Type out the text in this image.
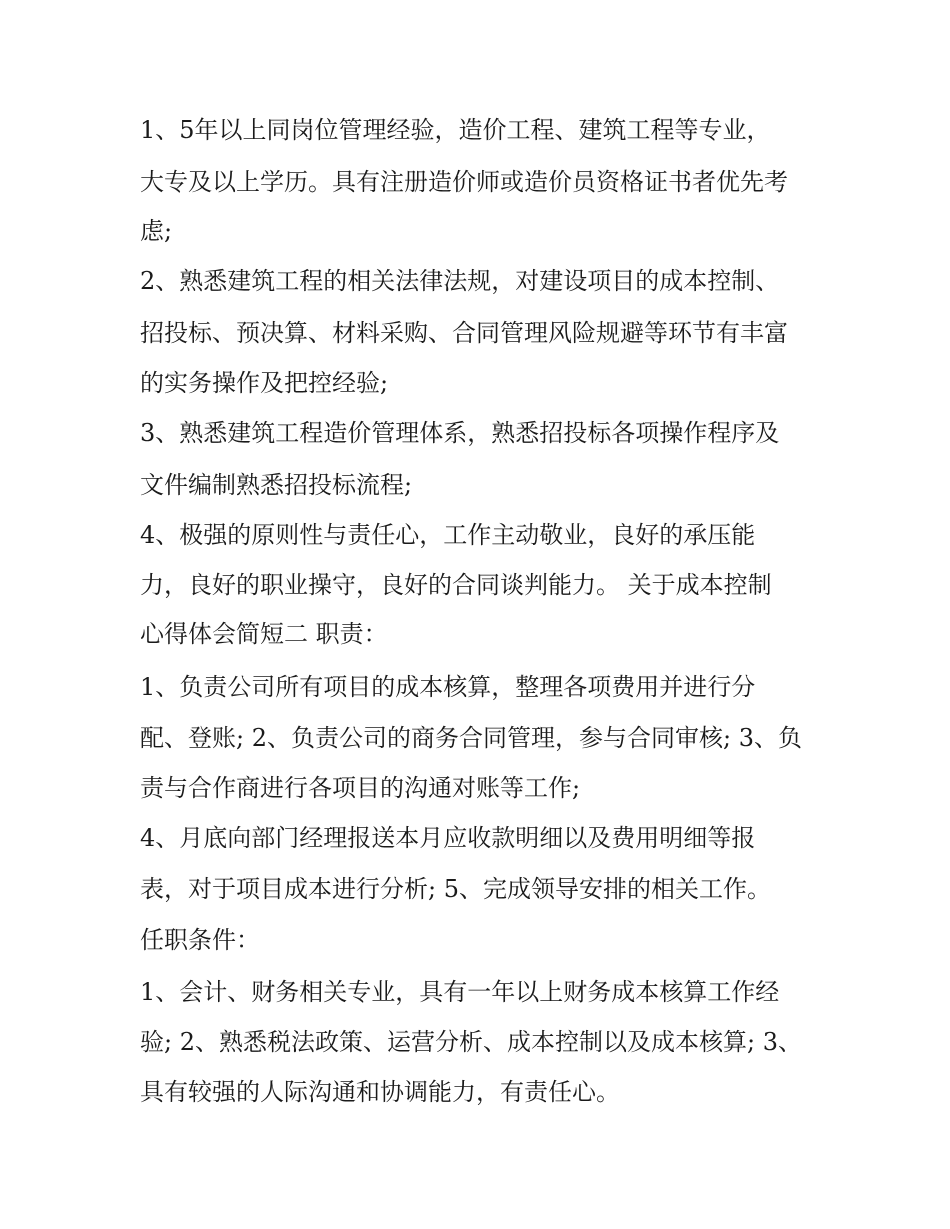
1、5年以上同岗位管理经验，造价工程、建筑工程等专业，
大专及以上学历。具有注册造价师或造价员资格证书者优先考
虑;
2、熟悉建筑工程的相关法律法规，对建设项目的成本控制、
招投标、预决算、材料采购、合同管理风险规避等环节有丰富
的实务操作及把控经验;
3、熟悉建筑工程造价管理体系，熟悉招投标各项操作程序及
文件编制熟悉招投标流程;
4、极强的原则性与责任心，工作主动敬业，良好的承压能
力，良好的职业操守，良好的合同谈判能力。 关于成本控制
心得体会简短二 职责：
1、负责公司所有项目的成本核算，整理各项费用并进行分
配、登账; 2、负责公司的商务合同管理，参与合同审核; 3、负
责与合作商进行各项目的沟通对账等工作;
4、月底向部门经理报送本月应收款明细以及费用明细等报
表，对于项目成本进行分析; 5、完成领导安排的相关工作。
任职条件：
1、会计、财务相关专业，具有一年以上财务成本核算工作经
验; 2、熟悉税法政策、运营分析、成本控制以及成本核算; 3、
具有较强的人际沟通和协调能力，有责任心。
